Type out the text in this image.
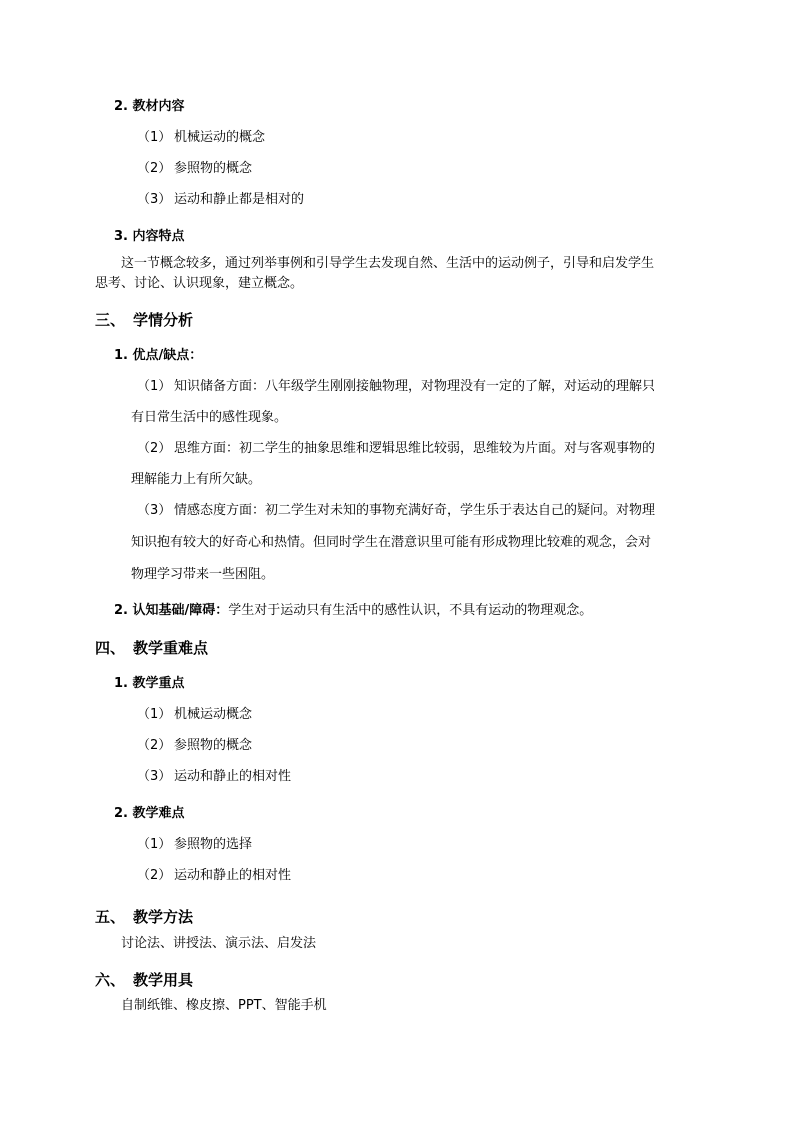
2. 教材内容
（1） 机械运动的概念
（2） 参照物的概念
（3） 运动和静止都是相对的
3. 内容特点
这一节概念较多，通过列举事例和引导学生去发现自然、生活中的运动例子，引导和启发学生
思考、讨论、认识现象，建立概念。
三、 学情分析
1. 优点/缺点：
（1） 知识储备方面：八年级学生刚刚接触物理，对物理没有一定的了解，对运动的理解只
有日常生活中的感性现象。
（2） 思维方面：初二学生的抽象思维和逻辑思维比较弱，思维较为片面。对与客观事物的
理解能力上有所欠缺。
（3） 情感态度方面：初二学生对未知的事物充满好奇，学生乐于表达自己的疑问。对物理
知识抱有较大的好奇心和热情。但同时学生在潜意识里可能有形成物理比较难的观念，会对
物理学习带来一些困阻。
2. 认知基础/障碍：学生对于运动只有生活中的感性认识，不具有运动的物理观念。
四、 教学重难点
1. 教学重点
（1） 机械运动概念
（2） 参照物的概念
（3） 运动和静止的相对性
2. 教学难点
（1） 参照物的选择
（2） 运动和静止的相对性
五、 教学方法
讨论法、讲授法、演示法、启发法
六、 教学用具
自制纸锥、橡皮擦、PPT、智能手机
